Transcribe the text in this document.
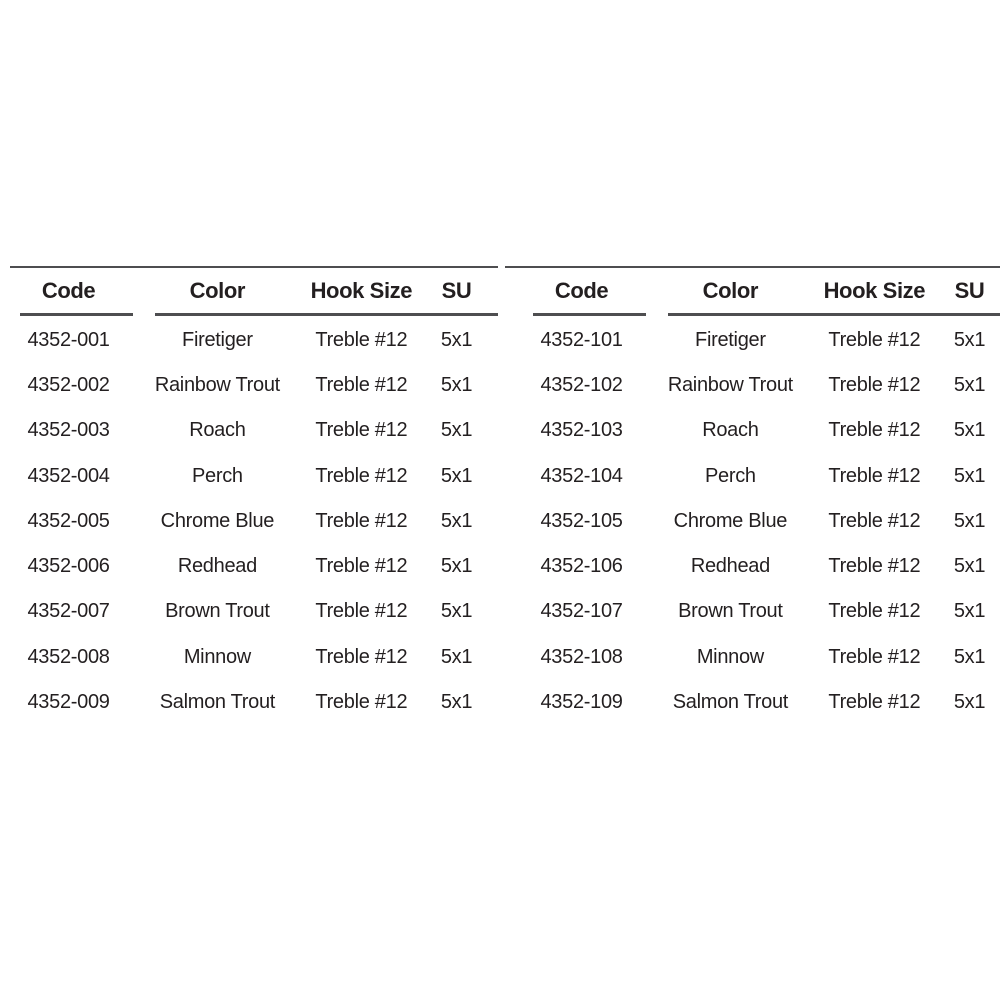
Code	Color	Hook Size	SU
4352-001	Firetiger	Treble #12	5x1
4352-002	Rainbow Trout	Treble #12	5x1
4352-003	Roach	Treble #12	5x1
4352-004	Perch	Treble #12	5x1
4352-005	Chrome Blue	Treble #12	5x1
4352-006	Redhead	Treble #12	5x1
4352-007	Brown Trout	Treble #12	5x1
4352-008	Minnow	Treble #12	5x1
4352-009	Salmon Trout	Treble #12	5x1
Code	Color	Hook Size	SU
4352-101	Firetiger	Treble #12	5x1
4352-102	Rainbow Trout	Treble #12	5x1
4352-103	Roach	Treble #12	5x1
4352-104	Perch	Treble #12	5x1
4352-105	Chrome Blue	Treble #12	5x1
4352-106	Redhead	Treble #12	5x1
4352-107	Brown Trout	Treble #12	5x1
4352-108	Minnow	Treble #12	5x1
4352-109	Salmon Trout	Treble #12	5x1
